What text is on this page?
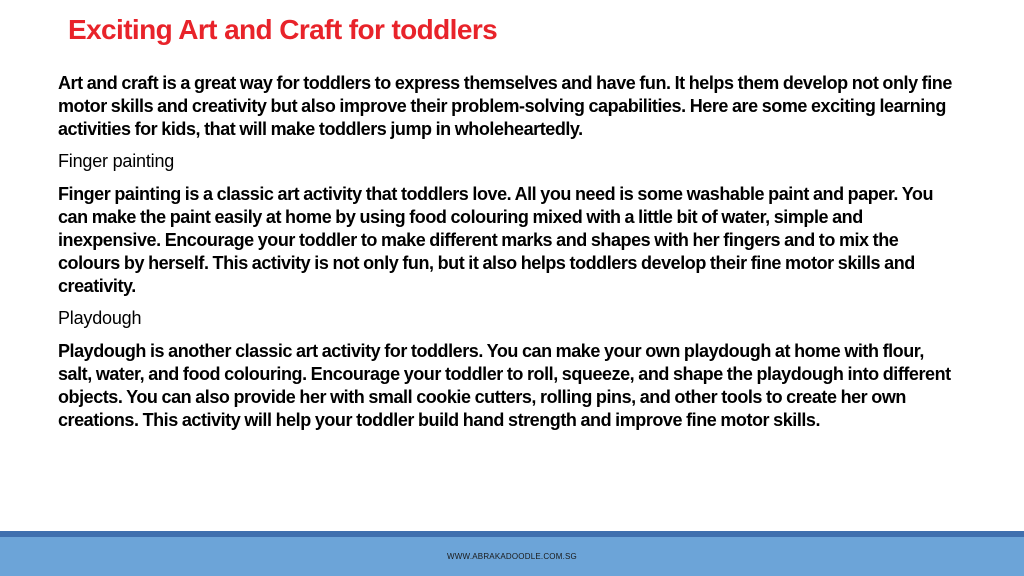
Exciting Art and Craft for toddlers

Art and craft is a great way for toddlers to express themselves and have fun. It helps them develop not only fine motor skills and creativity but also improve their problem-solving capabilities. Here are some exciting learning activities for kids, that will make toddlers jump in wholeheartedly.

Finger painting

Finger painting is a classic art activity that toddlers love. All you need is some washable paint and paper. You can make the paint easily at home by using food colouring mixed with a little bit of water, simple and inexpensive. Encourage your toddler to make different marks and shapes with her fingers and to mix the colours by herself. This activity is not only fun, but it also helps toddlers develop their fine motor skills and creativity.

Playdough

Playdough is another classic art activity for toddlers. You can make your own playdough at home with flour, salt, water, and food colouring. Encourage your toddler to roll, squeeze, and shape the playdough into different objects. You can also provide her with small cookie cutters, rolling pins, and other tools to create her own creations. This activity will help your toddler build hand strength and improve fine motor skills.

WWW.ABRAKADOODLE.COM.SG
